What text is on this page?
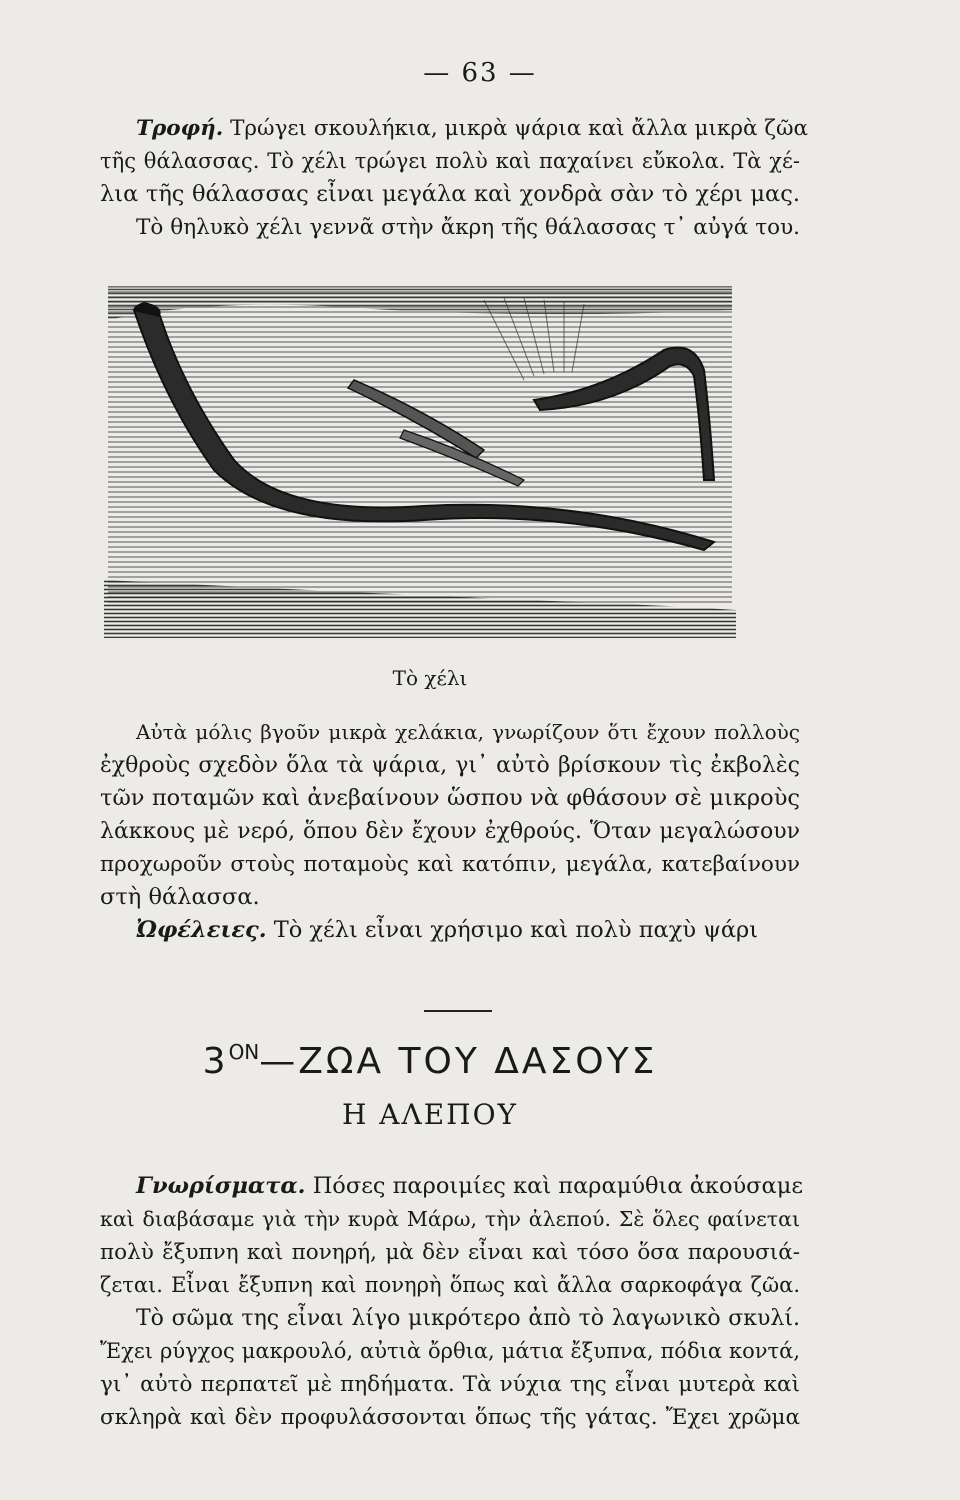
— 63 —
Τροφή. Τρώγει σκουλήκια, μικρὰ ψάρια καὶ ἄλλα μικρὰ ζῶα
τῆς θάλασσας. Τὸ χέλι τρώγει πολὺ καὶ παχαίνει εὔκολα. Τὰ χέ-
λια τῆς θάλασσας εἶναι μεγάλα καὶ χονδρὰ σὰν τὸ χέρι μας.
Τὸ θηλυκὸ χέλι γεννᾶ στὴν ἄκρη τῆς θάλασσας τ᾽ αὐγά του.
Τὸ χέλι
Αὐτὰ μόλις βγοῦν μικρὰ χελάκια, γνωρίζουν ὅτι ἔχουν πολλοὺς
ἐχθροὺς σχεδὸν ὅλα τὰ ψάρια, γι᾽ αὐτὸ βρίσκουν τὶς ἐκβολὲς
τῶν ποταμῶν καὶ ἀνεβαίνουν ὥσπου νὰ φθάσουν σὲ μικροὺς
λάκκους μὲ νερό, ὅπου δὲν ἔχουν ἐχθρούς. Ὅταν μεγαλώσουν
προχωροῦν στοὺς ποταμοὺς καὶ κατόπιν, μεγάλα, κατεβαίνουν
στὴ θάλασσα.
Ὠφέλειες. Τὸ χέλι εἶναι χρήσιμο καὶ πολὺ παχὺ ψάρι
$3^{ON}—Z\Omega A$ ΤΟΥ ΔΑΣΟΥΣ
Η ΑΛΕΠΟΥ
Γνωρίσματα. Πόσες παροιμίες καὶ παραμύθια ἀκούσαμε
καὶ διαβάσαμε γιὰ τὴν κυρὰ Μάρω, τὴν ἀλεπού. Σὲ ὅλες φαίνεται
πολὺ ἔξυπνη καὶ πονηρή, μὰ δὲν εἶναι καὶ τόσο ὅσα παρουσιά-
ζεται. Εἶναι ἔξυπνη καὶ πονηρὴ ὅπως καὶ ἄλλα σαρκοφάγα ζῶα.
Τὸ σῶμα της εἶναι λίγο μικρότερο ἀπὸ τὸ λαγωνικὸ σκυλί.
Ἔχει ρύγχος μακρουλό, αὐτιὰ ὄρθια, μάτια ἔξυπνα, πόδια κοντά,
γι᾽ αὐτὸ περπατεῖ μὲ πηδήματα. Τὰ νύχια της εἶναι μυτερὰ καὶ
σκληρὰ καὶ δὲν προφυλάσσονται ὅπως τῆς γάτας. Ἔχει χρῶμα
